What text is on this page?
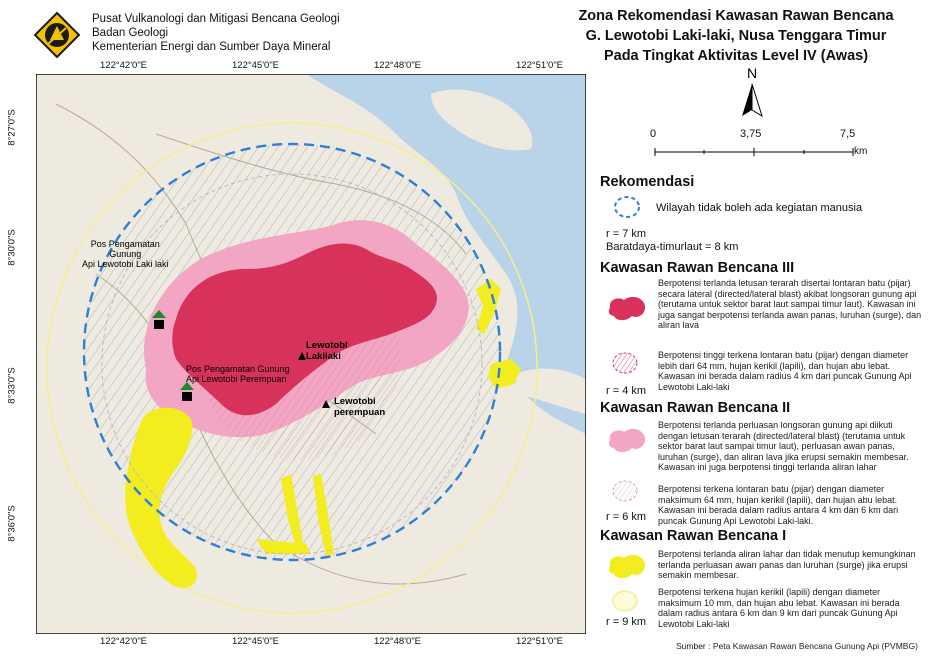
Pusat Vulkanologi dan Mitigasi Bencana Geologi
Badan Geologi
Kementerian Energi dan Sumber Daya Mineral
Zona Rekomendasi Kawasan Rawan Bencana
G. Lewotobi Laki-laki, Nusa Tenggara Timur
Pada Tingkat Aktivitas Level IV (Awas)
122°42'0"E	122°45'0"E	122°48'0"E	122°51'0"E
122°42'0"E	122°45'0"E	122°48'0"E	122°51'0"E
8°27'0"S
8°30'0"S
8°33'0"S
8°36'0"S
Pos Pengamatan
Gunung
Api Lewotobi Laki laki
Pos Pengamatan Gunung
Api Lewotobi Perempuan
Lewotobi
Lakilaki
Lewotobi
perempuan
N
0	3,75	7,5
km
Rekomendasi
Wilayah tidak boleh ada kegiatan manusia
r = 7 km
Baratdaya-timurlaut = 8 km
Kawasan Rawan Bencana III
Berpotensi terlanda letusan terarah disertai lontaran batu (pijar) secara lateral (directed/lateral blast) akibat longsoran gunung api (terutama untuk sektor barat laut sampai timur laut). Kawasan ini juga sangat berpotensi terlanda awan panas, luruhan (surge), dan aliran lava
Berpotensi tinggi terkena lontaran batu (pijar) dengan diameter lebih dari 64 mm, hujan kerikil (lapili), dan hujan abu lebat. Kawasan ini berada dalam radius 4 km dari puncak Gunung Api Lewotobi Laki-laki
r = 4 km
Kawasan Rawan Bencana II
Berpotensi terlanda perluasan longsoran gunung api diikuti dengan letusan terarah (directed/lateral blast) (terutama untuk sektor barat laut sampai timur laut), perluasan awan panas, luruhan (surge), dan aliran lava jika erupsi semakin membesar. Kawasan ini juga berpotensi tinggi terlanda aliran lahar
Berpotensi terkena lontaran batu (pijar) dengan diameter maksimum 64 mm, hujan kerikil (lapili), dan hujan abu lebat. Kawasan ini berada dalam radius antara 4 km dan 6 km dari puncak Gunung Api Lewotobi Laki-laki.
r = 6 km
Kawasan Rawan Bencana I
Berpotensi terlanda aliran lahar dan tidak menutup kemungkinan terlanda perluasan awan panas dan luruhan (surge) jika erupsi semakin membesar.
Berpotensi terkena hujan kerikil (lapili) dengan diameter maksimum 10 mm, dan hujan abu lebat. Kawasan ini berada dalam radius antara 6 km dan 9 km dari puncak Gunung Api Lewotobi Laki-laki
r = 9 km
Sumber : Peta Kawasan Rawan Bencana Gunung Api (PVMBG)
